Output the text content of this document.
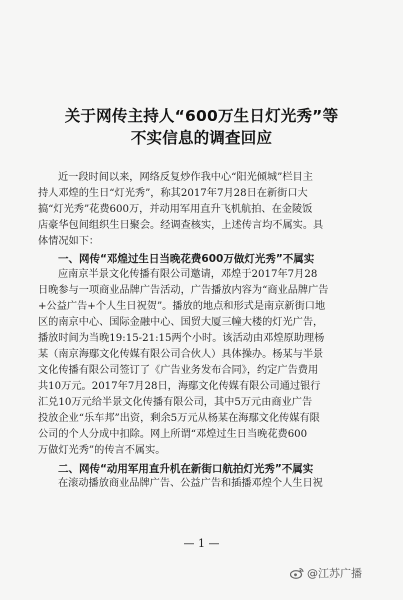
关于网传主持人“600万生日灯光秀”等
不实信息的调查回应
近一段时间以来，网络反复炒作我中心“阳光倾城”栏目主
持人邓煌的生日“灯光秀”，称其2017年7月28日在新街口大
搞“灯光秀”花费600万，并动用军用直升飞机航拍、在金陵饭
店豪华包间组织生日聚会。经调查核实，上述传言均不属实。具
体情况如下：
一、网传“邓煌过生日当晚花费600万做灯光秀”不属实
应南京半景文化传播有限公司邀请，邓煌于2017年7月28
日晚参与一项商业品牌广告活动，广告播放内容为“商业品牌广告
+公益广告+个人生日祝贺”。播放的地点和形式是南京新街口地
区的南京中心、国际金融中心、国贸大厦三幢大楼的灯光广告，
播放时间为当晚19:15-21:15两个小时。该活动由邓煌原助理杨
某（南京海鄢文化传媒有限公司合伙人）具体操办。杨某与半景
文化传播有限公司签订了《广告业务发布合同》，约定广告费用
共10万元。2017年7月28日，海鄢文化传媒有限公司通过银行
汇兑10万元给半景文化传播有限公司，其中5万元由商业广告
投放企业“乐车邦”出资，剩余5万元从杨某在海鄢文化传媒有限
公司的个人分成中扣除。网上所谓“邓煌过生日当晚花费600
万做灯光秀”的传言不属实。
二、网传“动用军用直升机在新街口航拍灯光秀”不属实
在滚动播放商业品牌广告、公益广告和插播邓煌个人生日祝
— 1 —
@江苏广播
